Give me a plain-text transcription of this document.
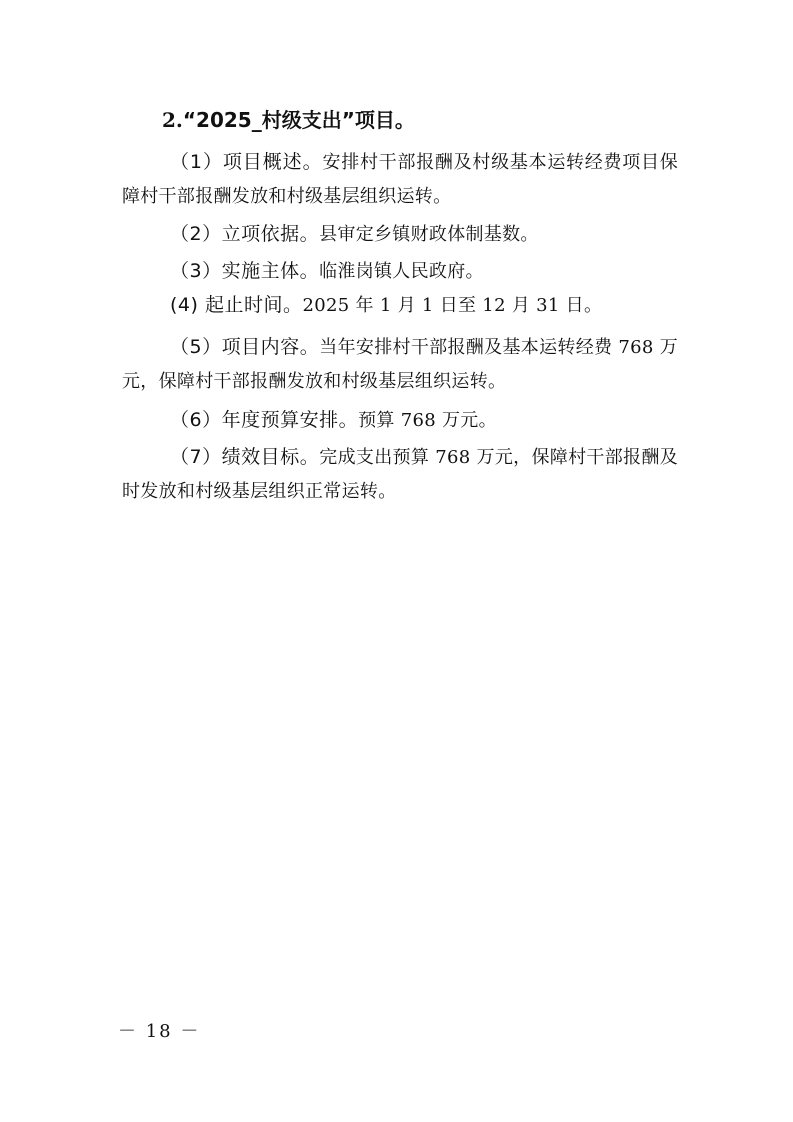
2.“2025_村级支出”项目。

（1）项目概述。安排村干部报酬及村级基本运转经费项目保障村干部报酬发放和村级基层组织运转。

（2）立项依据。县审定乡镇财政体制基数。

（3）实施主体。临淮岗镇人民政府。

(4) 起止时间。2025 年 1 月 1 日至 12 月 31 日。

（5）项目内容。当年安排村干部报酬及基本运转经费 768 万元，保障村干部报酬发放和村级基层组织运转。

（6）年度预算安排。预算 768 万元。

（7）绩效目标。完成支出预算 768 万元，保障村干部报酬及时发放和村级基层组织正常运转。

－ 18 －
